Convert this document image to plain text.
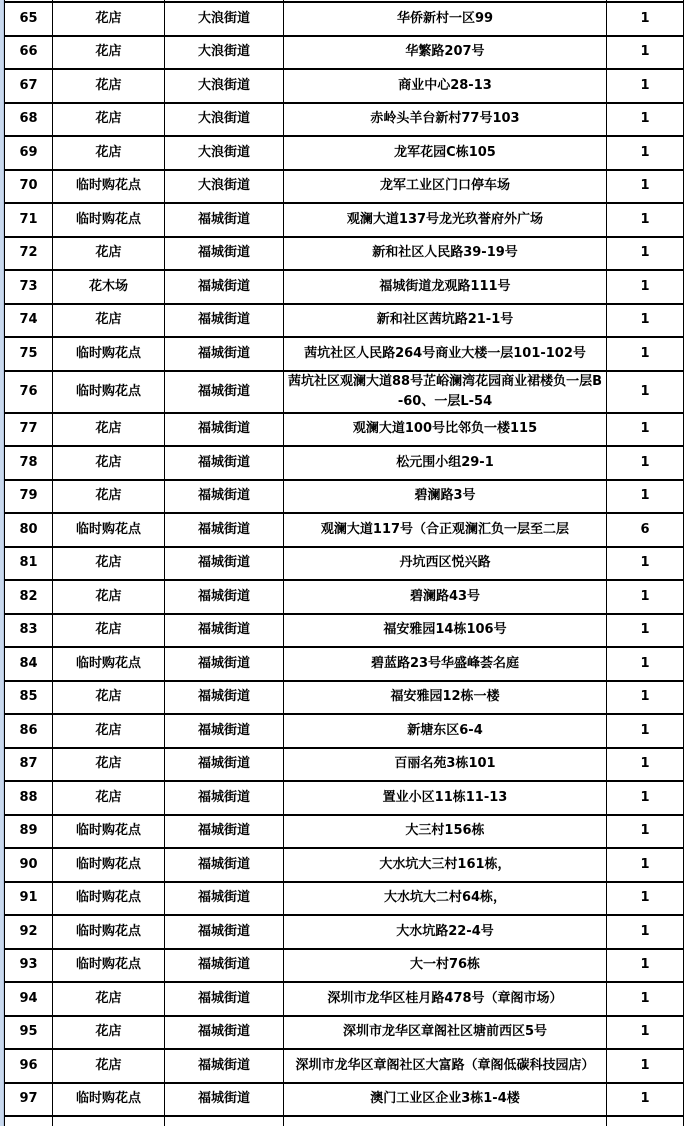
65	花店	大浪街道	华侨新村一区99	1
66	花店	大浪街道	华繁路207号	1
67	花店	大浪街道	商业中心28-13	1
68	花店	大浪街道	赤岭头羊台新村77号103	1
69	花店	大浪街道	龙军花园C栋105	1
70	临时购花点	大浪街道	龙军工业区门口停车场	1
71	临时购花点	福城街道	观澜大道137号龙光玖誉府外广场	1
72	花店	福城街道	新和社区人民路39-19号	1
73	花木场	福城街道	福城街道龙观路111号	1
74	花店	福城街道	新和社区茜坑路21-1号	1
75	临时购花点	福城街道	茜坑社区人民路264号商业大楼一层101-102号	1
76	临时购花点	福城街道	茜坑社区观澜大道88号芷峪澜湾花园商业裙楼负一层B-60、一层L-54	1
77	花店	福城街道	观澜大道100号比邻负一楼115	1
78	花店	福城街道	松元围小组29-1	1
79	花店	福城街道	碧澜路3号	1
80	临时购花点	福城街道	观澜大道117号（合正观澜汇负一层至二层	6
81	花店	福城街道	丹坑西区悦兴路	1
82	花店	福城街道	碧澜路43号	1
83	花店	福城街道	福安雅园14栋106号	1
84	临时购花点	福城街道	碧蓝路23号华盛峰荟名庭	1
85	花店	福城街道	福安雅园12栋一楼	1
86	花店	福城街道	新塘东区6-4	1
87	花店	福城街道	百丽名苑3栋101	1
88	花店	福城街道	置业小区11栋11-13	1
89	临时购花点	福城街道	大三村156栋	1
90	临时购花点	福城街道	大水坑大三村161栋，	1
91	临时购花点	福城街道	大水坑大二村64栋，	1
92	临时购花点	福城街道	大水坑路22-4号	1
93	临时购花点	福城街道	大一村76栋	1
94	花店	福城街道	深圳市龙华区桂月路478号（章阁市场）	1
95	花店	福城街道	深圳市龙华区章阁社区塘前西区5号	1
96	花店	福城街道	深圳市龙华区章阁社区大富路（章阁低碳科技园店）	1
97	临时购花点	福城街道	澳门工业区企业3栋1-4楼	1
